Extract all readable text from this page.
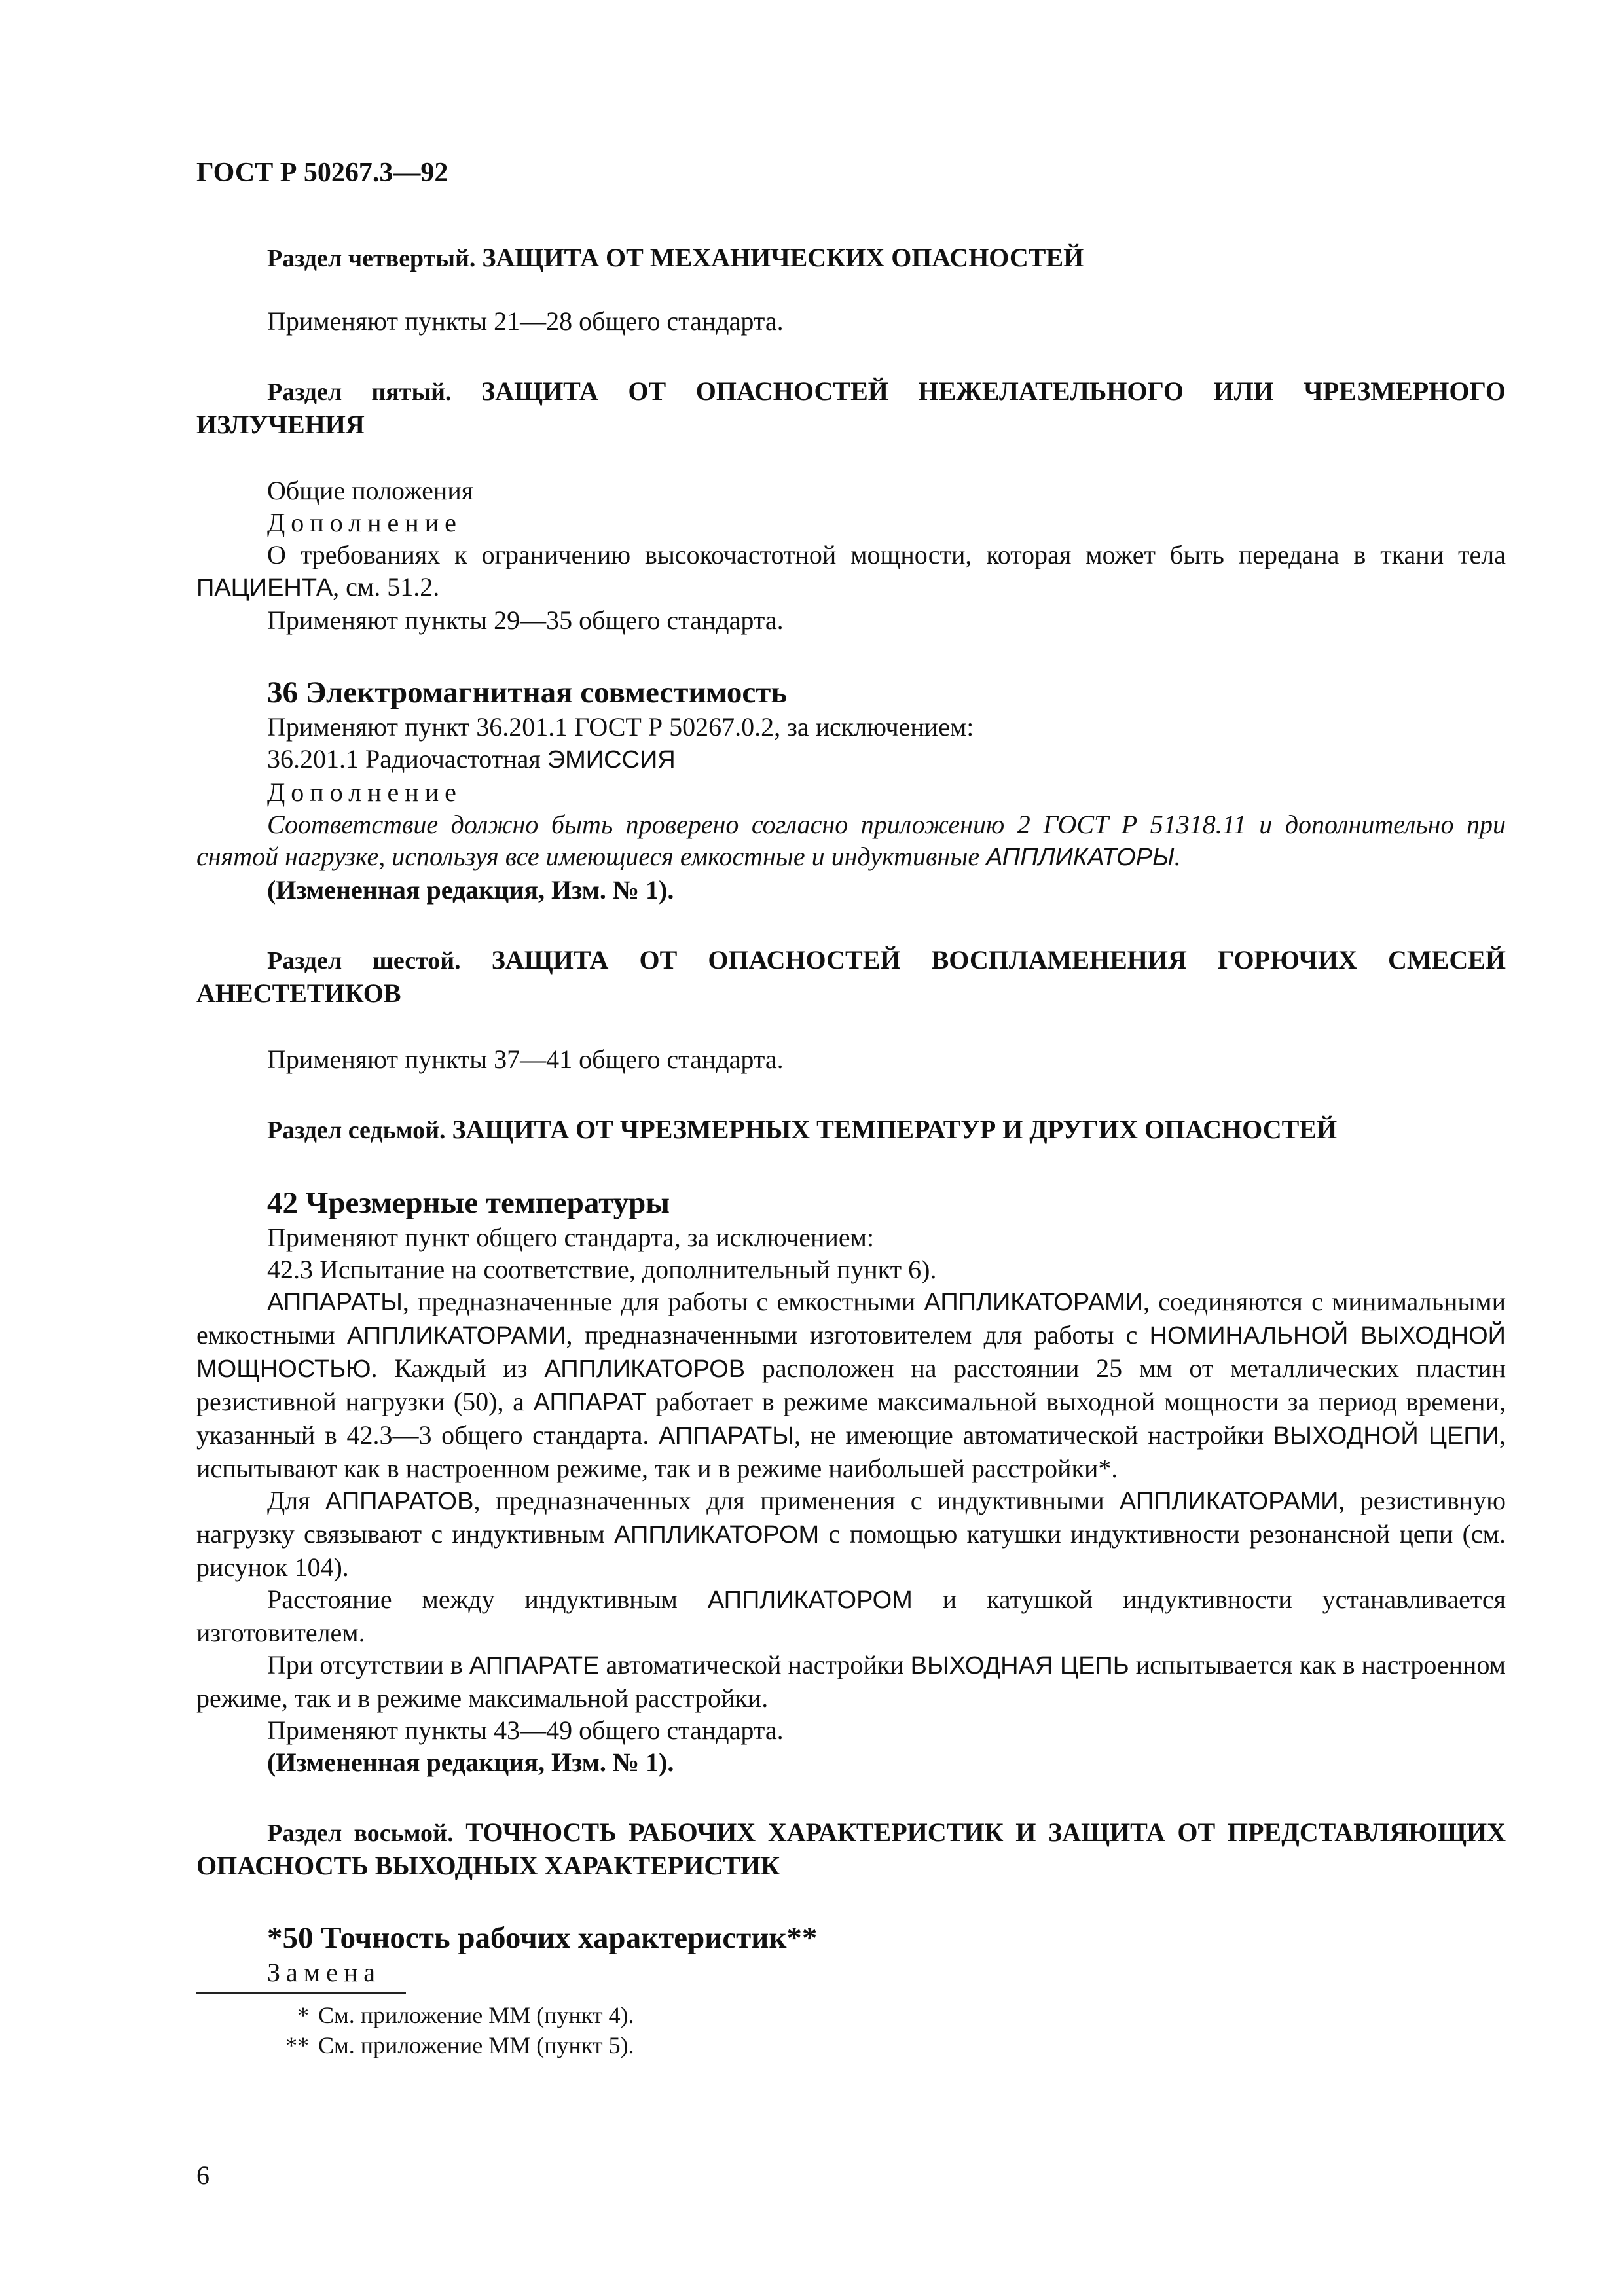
ГОСТ Р 50267.3—92

Раздел четвертый. ЗАЩИТА ОТ МЕХАНИЧЕСКИХ ОПАСНОСТЕЙ

Применяют пункты 21—28 общего стандарта.

Раздел пятый. ЗАЩИТА ОТ ОПАСНОСТЕЙ НЕЖЕЛАТЕЛЬНОГО ИЛИ ЧРЕЗМЕРНОГО ИЗЛУЧЕНИЯ

Общие положения

Дополнение

О требованиях к ограничению высокочастотной мощности, которая может быть передана в ткани тела ПАЦИЕНТА, см. 51.2.

Применяют пункты 29—35 общего стандарта.

36 Электромагнитная совместимость

Применяют пункт 36.201.1 ГОСТ Р 50267.0.2, за исключением:

36.201.1 Радиочастотная ЭМИССИЯ

Дополнение

Соответствие должно быть проверено согласно приложению 2 ГОСТ Р 51318.11 и дополнительно при снятой нагрузке, используя все имеющиеся емкостные и индуктивные АППЛИКАТОРЫ.

(Измененная редакция, Изм. № 1).

Раздел шестой. ЗАЩИТА ОТ ОПАСНОСТЕЙ ВОСПЛАМЕНЕНИЯ ГОРЮЧИХ СМЕСЕЙ АНЕСТЕТИКОВ

Применяют пункты 37—41 общего стандарта.

Раздел седьмой. ЗАЩИТА ОТ ЧРЕЗМЕРНЫХ ТЕМПЕРАТУР И ДРУГИХ ОПАСНОСТЕЙ

42 Чрезмерные температуры

Применяют пункт общего стандарта, за исключением:

42.3 Испытание на соответствие, дополнительный пункт 6).

АППАРАТЫ, предназначенные для работы с емкостными АППЛИКАТОРАМИ, соединяются с минимальными емкостными АППЛИКАТОРАМИ, предназначенными изготовителем для работы с НОМИНАЛЬНОЙ ВЫХОДНОЙ МОЩНОСТЬЮ. Каждый из АППЛИКАТОРОВ расположен на расстоянии 25 мм от металлических пластин резистивной нагрузки (50), а АППАРАТ работает в режиме максимальной выходной мощности за период времени, указанный в 42.3—3 общего стандарта. АППАРАТЫ, не имеющие автоматической настройки ВЫХОДНОЙ ЦЕПИ, испытывают как в настроенном режиме, так и в режиме наибольшей расстройки*.

Для АППАРАТОВ, предназначенных для применения с индуктивными АППЛИКАТОРАМИ, резистивную нагрузку связывают с индуктивным АППЛИКАТОРОМ с помощью катушки индуктивности резонансной цепи (см. рисунок 104).

Расстояние между индуктивным АППЛИКАТОРОМ и катушкой индуктивности устанавливается изготовителем.

При отсутствии в АППАРАТЕ автоматической настройки ВЫХОДНАЯ ЦЕПЬ испытывается как в настроенном режиме, так и в режиме максимальной расстройки.

Применяют пункты 43—49 общего стандарта.

(Измененная редакция, Изм. № 1).

Раздел восьмой. ТОЧНОСТЬ РАБОЧИХ ХАРАКТЕРИСТИК И ЗАЩИТА ОТ ПРЕДСТАВЛЯЮЩИХ ОПАСНОСТЬ ВЫХОДНЫХ ХАРАКТЕРИСТИК

*50 Точность рабочих характеристик**

Замена

* См. приложение ММ (пункт 4).

** См. приложение ММ (пункт 5).

6
